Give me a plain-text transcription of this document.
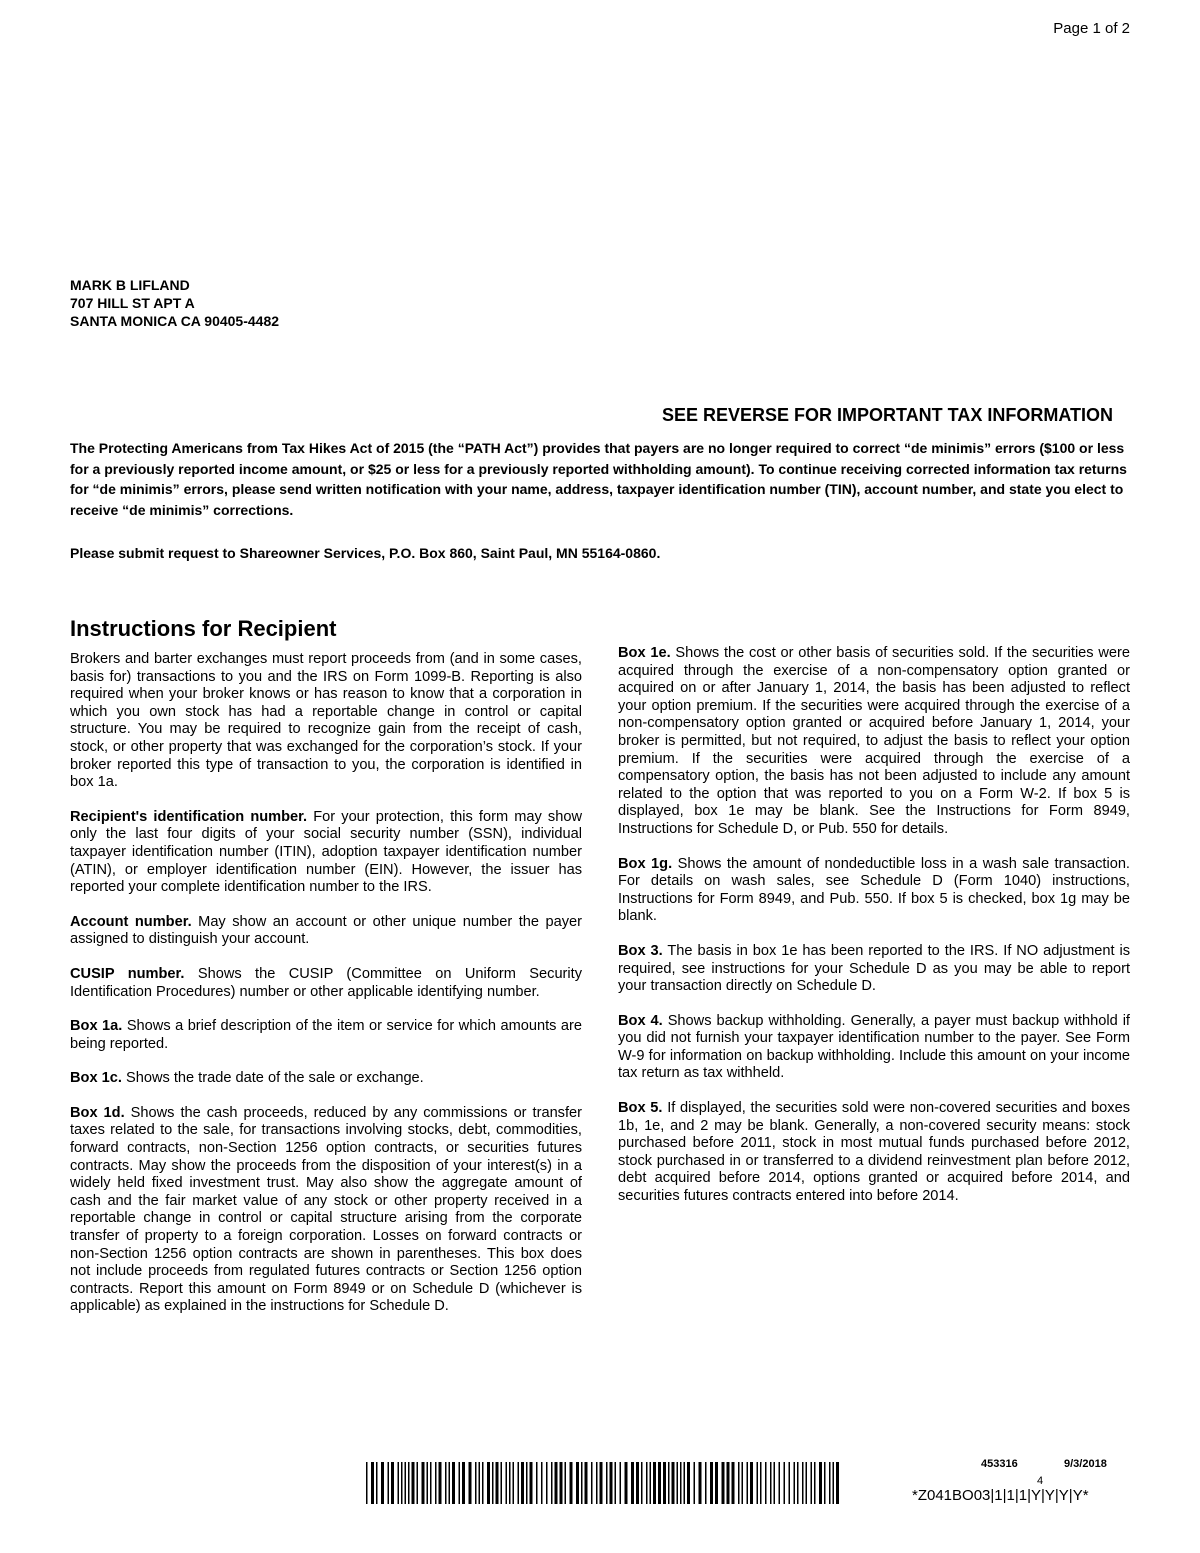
Page 1 of 2
MARK B LIFLAND
707 HILL ST APT A
SANTA MONICA CA 90405-4482
SEE REVERSE FOR IMPORTANT TAX INFORMATION
The Protecting Americans from Tax Hikes Act of 2015 (the “PATH Act”) provides that payers are no longer required to correct “de minimis” errors ($100 or less for a previously reported income amount, or $25 or less for a previously reported withholding amount). To continue receiving corrected information tax returns for “de minimis” errors, please send written notification with your name, address, taxpayer identification number (TIN), account number, and state you elect to receive “de minimis” corrections.
Please submit request to Shareowner Services, P.O. Box 860, Saint Paul, MN 55164-0860.
Instructions for Recipient

Brokers and barter exchanges must report proceeds from (and in some cases, basis for) transactions to you and the IRS on Form 1099-B. Reporting is also required when your broker knows or has reason to know that a corporation in which you own stock has had a reportable change in control or capital structure. You may be required to recognize gain from the receipt of cash, stock, or other property that was exchanged for the corporation’s stock. If your broker reported this type of transaction to you, the corporation is identified in box 1a.

Recipient's identification number. For your protection, this form may show only the last four digits of your social security number (SSN), individual taxpayer identification number (ITIN), adoption taxpayer identification number (ATIN), or employer identification number (EIN). However, the issuer has reported your complete identification number to the IRS.

Account number. May show an account or other unique number the payer assigned to distinguish your account.

CUSIP number. Shows the CUSIP (Committee on Uniform Security Identification Procedures) number or other applicable identifying number.

Box 1a. Shows a brief description of the item or service for which amounts are being reported.

Box 1c. Shows the trade date of the sale or exchange.

Box 1d. Shows the cash proceeds, reduced by any commissions or transfer taxes related to the sale, for transactions involving stocks, debt, commodities, forward contracts, non-Section 1256 option contracts, or securities futures contracts. May show the proceeds from the disposition of your interest(s) in a widely held fixed investment trust. May also show the aggregate amount of cash and the fair market value of any stock or other property received in a reportable change in control or capital structure arising from the corporate transfer of property to a foreign corporation. Losses on forward contracts or non-Section 1256 option contracts are shown in parentheses. This box does not include proceeds from regulated futures contracts or Section 1256 option contracts. Report this amount on Form 8949 or on Schedule D (whichever is applicable) as explained in the instructions for Schedule D.

Box 1e. Shows the cost or other basis of securities sold. If the securities were acquired through the exercise of a non-compensatory option granted or acquired on or after January 1, 2014, the basis has been adjusted to reflect your option premium. If the securities were acquired through the exercise of a non-compensatory option granted or acquired before January 1, 2014, your broker is permitted, but not required, to adjust the basis to reflect your option premium. If the securities were acquired through the exercise of a compensatory option, the basis has not been adjusted to include any amount related to the option that was reported to you on a Form W-2. If box 5 is displayed, box 1e may be blank. See the Instructions for Form 8949, Instructions for Schedule D, or Pub. 550 for details.

Box 1g. Shows the amount of nondeductible loss in a wash sale transaction. For details on wash sales, see Schedule D (Form 1040) instructions, Instructions for Form 8949, and Pub. 550. If box 5 is checked, box 1g may be blank.

Box 3. The basis in box 1e has been reported to the IRS. If NO adjustment is required, see instructions for your Schedule D as you may be able to report your transaction directly on Schedule D.

Box 4. Shows backup withholding. Generally, a payer must backup withhold if you did not furnish your taxpayer identification number to the payer. See Form W-9 for information on backup withholding. Include this amount on your income tax return as tax withheld.

Box 5. If displayed, the securities sold were non-covered securities and boxes 1b, 1e, and 2 may be blank. Generally, a non-covered security means: stock purchased before 2011, stock in most mutual funds purchased before 2012, stock purchased in or transferred to a dividend reinvestment plan before 2012, debt acquired before 2014, options granted or acquired before 2014, and securities futures contracts entered into before 2014.

453316	9/3/2018
4
*Z041BO03|1|1|1|Y|Y|Y|Y*
